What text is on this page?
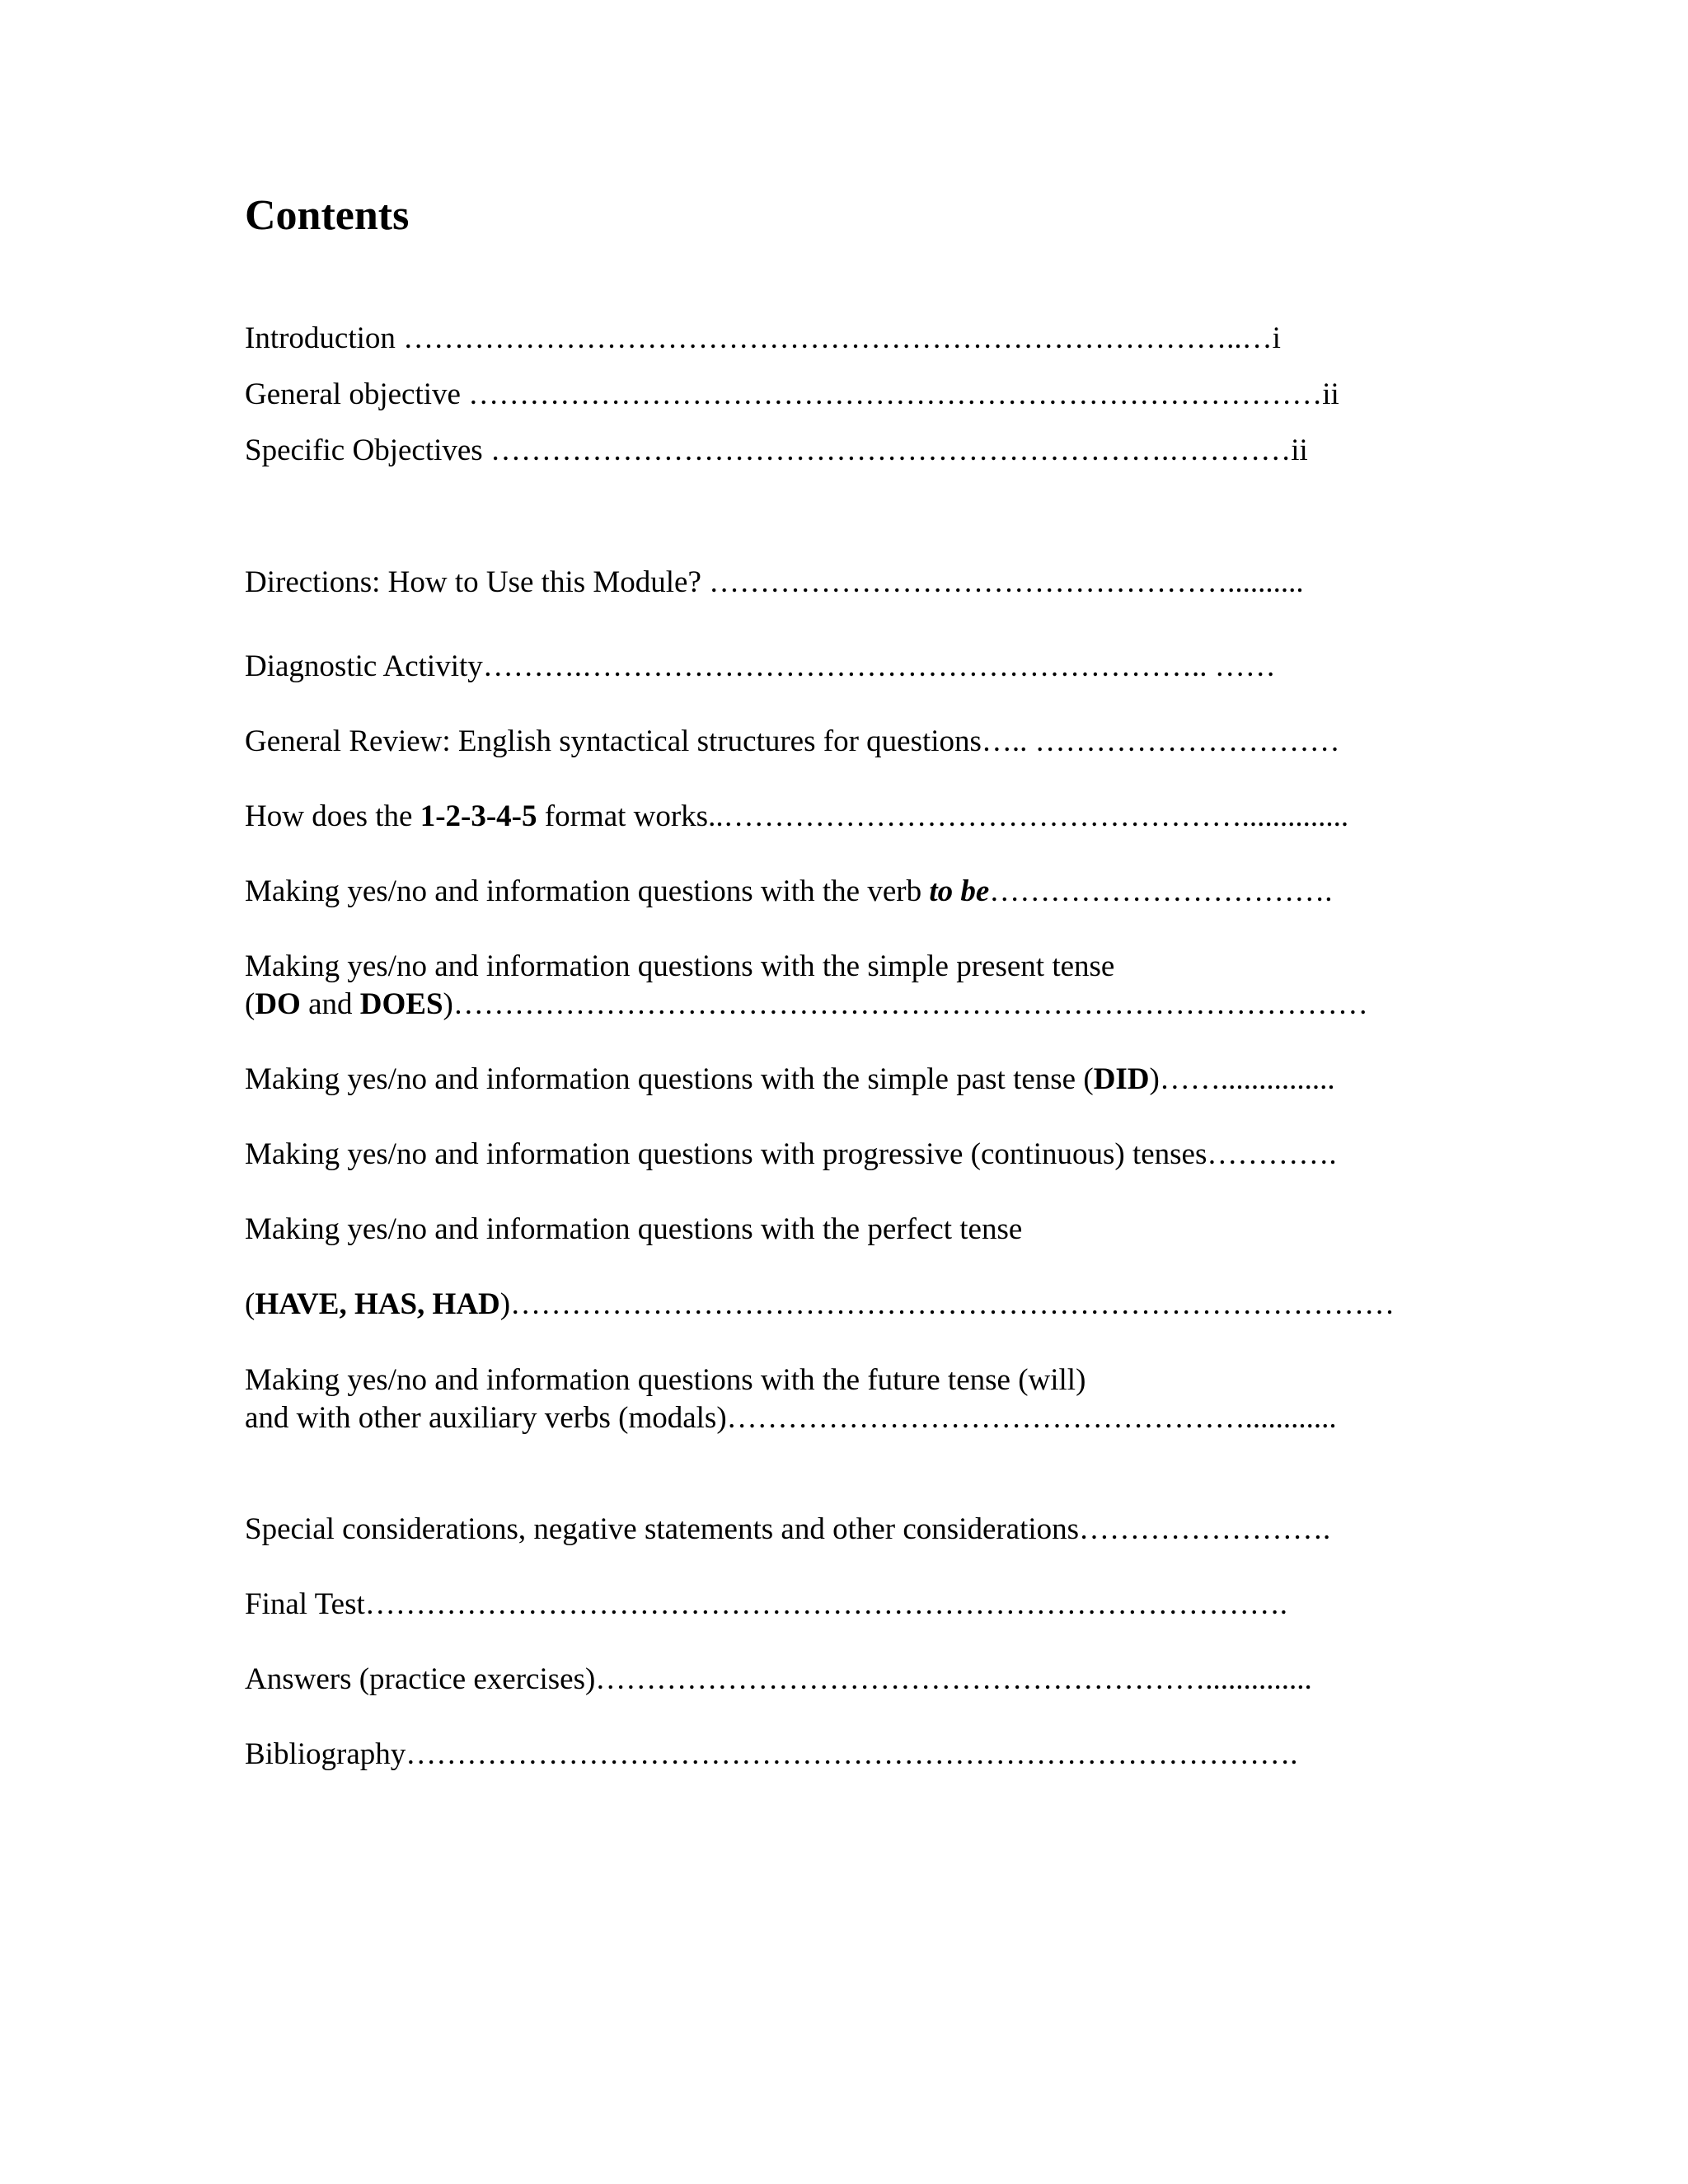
Contents

Introduction ………………………………………………………………………..…i

General objective …………………………………………………………………………ii

Specific Objectives ………………………………………………………….…………ii

Directions: How to Use this Module? ……………………………………………..........

Diagnostic Activity……….…………………………………………………….. ……

General Review: English syntactical structures for questions….. …………………………

How does the 1-2-3-4-5 format works..……………………………………………..............

Making yes/no and information questions with the verb to be…………………………….

Making yes/no and information questions with the simple present tense
(DO and DOES)………………………………………………………………………………

Making yes/no and information questions with the simple past tense (DID)……...............

Making yes/no and information questions with progressive (continuous) tenses………….

Making yes/no and information questions with the perfect tense

(HAVE, HAS, HAD)……………………………………………………………………………

Making yes/no and information questions with the future tense (will)
and with other auxiliary verbs (modals)……………………………………………............

Special considerations, negative statements and other considerations…………………….

Final Test……………………………………………………………………………….

Answers (practice exercises)……………………………………………………..............

Bibliography…………………………………………………………………………….
